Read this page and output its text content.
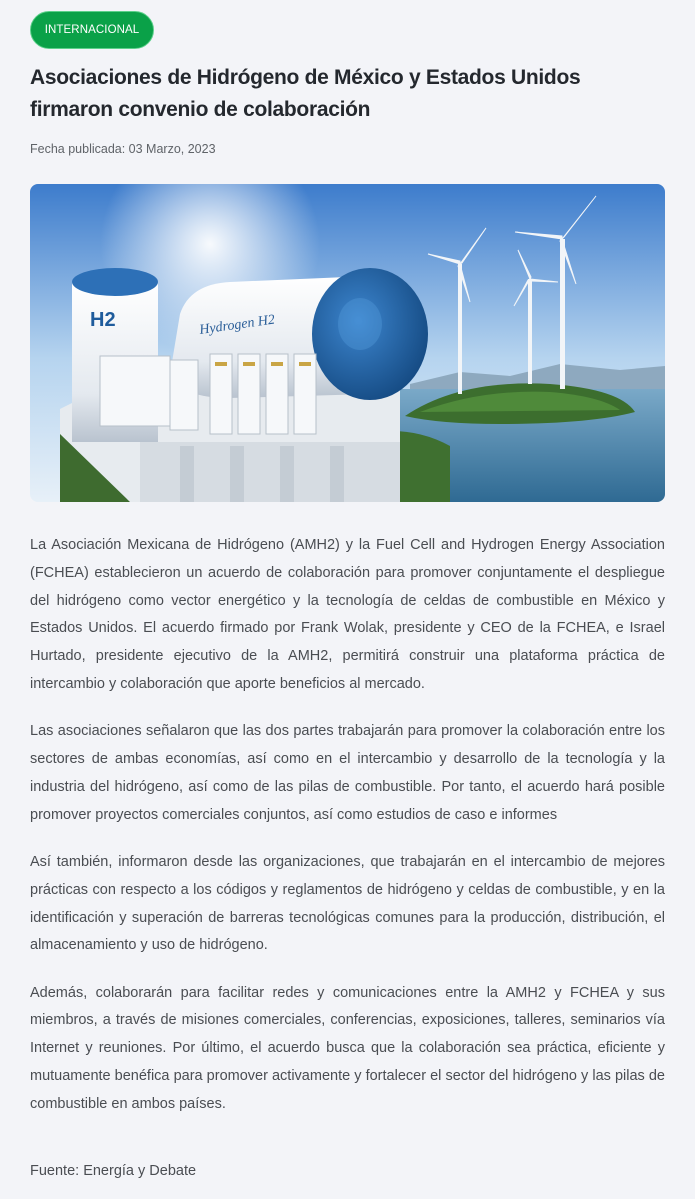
INTERNACIONAL
Asociaciones de Hidrógeno de México y Estados Unidos firmaron convenio de colaboración
Fecha publicada: 03 Marzo, 2023
H2	Hydrogen H2

La Asociación Mexicana de Hidrógeno (AMH2) y la Fuel Cell and Hydrogen Energy Association (FCHEA) establecieron un acuerdo de colaboración para promover conjuntamente el despliegue del hidrógeno como vector energético y la tecnología de celdas de combustible en México y Estados Unidos. El acuerdo firmado por Frank Wolak, presidente y CEO de la FCHEA, e Israel Hurtado, presidente ejecutivo de la AMH2, permitirá construir una plataforma práctica de intercambio y colaboración que aporte beneficios al mercado.

Las asociaciones señalaron que las dos partes trabajarán para promover la colaboración entre los sectores de ambas economías, así como en el intercambio y desarrollo de la tecnología y la industria del hidrógeno, así como de las pilas de combustible. Por tanto, el acuerdo hará posible promover proyectos comerciales conjuntos, así como estudios de caso e informes

Así también, informaron desde las organizaciones, que trabajarán en el intercambio de mejores prácticas con respecto a los códigos y reglamentos de hidrógeno y celdas de combustible, y en la identificación y superación de barreras tecnológicas comunes para la producción, distribución, el almacenamiento y uso de hidrógeno.

Además, colaborarán para facilitar redes y comunicaciones entre la AMH2 y FCHEA y sus miembros, a través de misiones comerciales, conferencias, exposiciones, talleres, seminarios vía Internet y reuniones. Por último, el acuerdo busca que la colaboración sea práctica, eficiente y mutuamente benéfica para promover activamente y fortalecer el sector del hidrógeno y las pilas de combustible en ambos países.

Fuente: Energía y Debate
